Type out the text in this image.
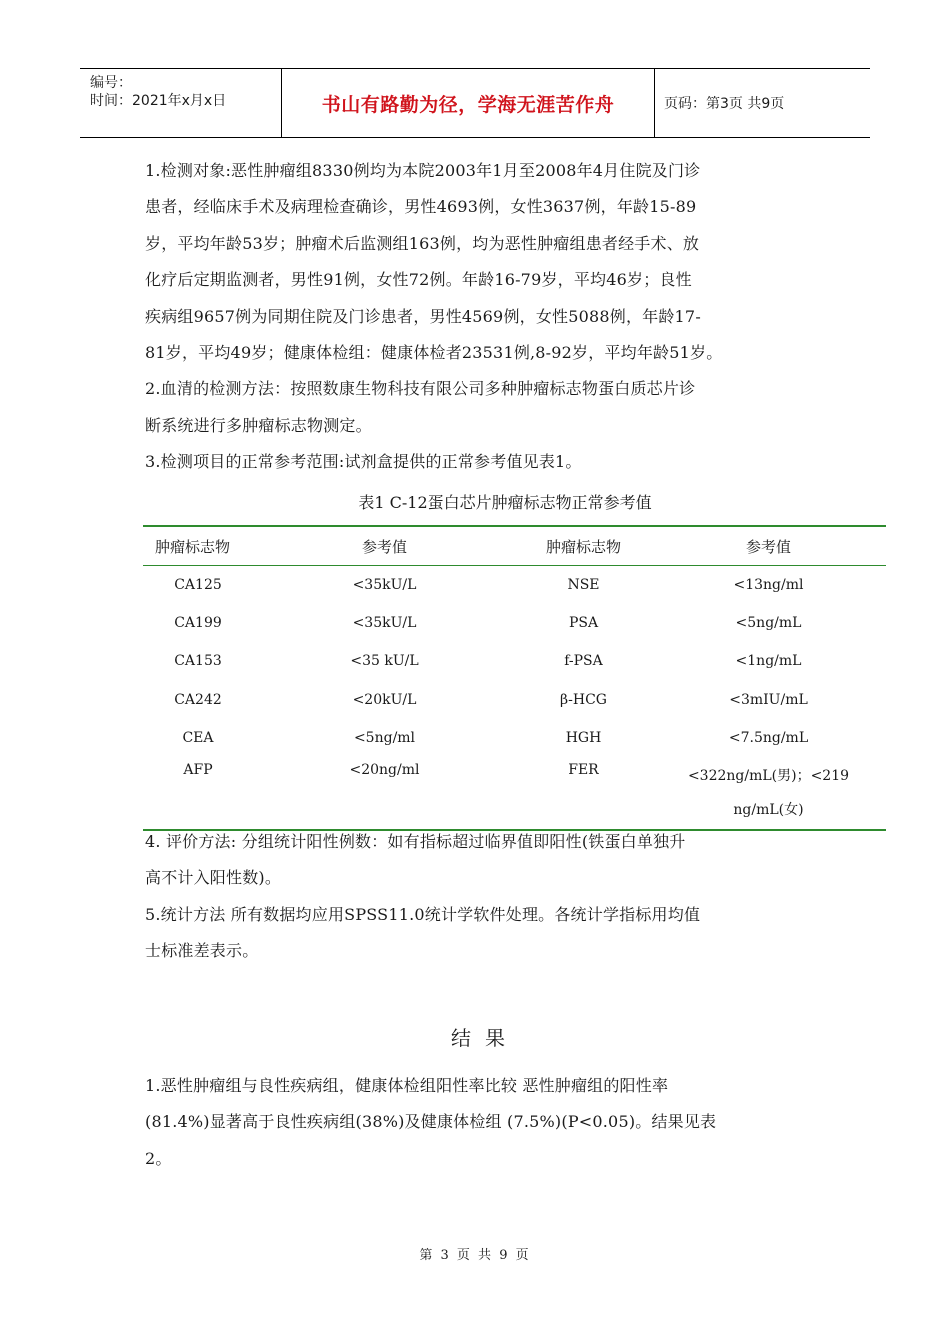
编号：
时间：2021年x月x日	书山有路勤为径，学海无涯苦作舟	页码：第3页 共9页

1.检测对象:恶性肿瘤组8330例均为本院2003年1月至2008年4月住院及门诊

患者，经临床手术及病理检查确诊，男性4693例，女性3637例，年龄15-89

岁，平均年龄53岁；肿瘤术后监测组163例，均为恶性肿瘤组患者经手术、放

化疗后定期监测者，男性91例，女性72例。年龄16-79岁，平均46岁；良性

疾病组9657例为同期住院及门诊患者，男性4569例，女性5088例，年龄17-

81岁，平均49岁；健康体检组：健康体检者23531例,8-92岁，平均年龄51岁。

2.血清的检测方法：按照数康生物科技有限公司多种肿瘤标志物蛋白质芯片诊

断系统进行多肿瘤标志物测定。

3.检测项目的正常参考范围:试剂盒提供的正常参考值见表1。

表1 C-12蛋白芯片肿瘤标志物正常参考值
肿瘤标志物	参考值	肿瘤标志物	参考值
CA125	<35kU/L	NSE	<13ng/ml
CA199	<35kU/L	PSA	<5ng/mL
CA153	<35 kU/L	f-PSA	<1ng/mL
CA242	<20kU/L	β-HCG	<3mIU/mL
CEA	<5ng/ml	HGH	<7.5ng/mL
AFP	<20ng/ml	FER	<322ng/mL(男)；<219
ng/mL(女)

4. 评价方法: 分组统计阳性例数：如有指标超过临界值即阳性(铁蛋白单独升

高不计入阳性数)。

5.统计方法 所有数据均应用SPSS11.0统计学软件处理。各统计学指标用均值

士标准差表示。

结果

1.恶性肿瘤组与良性疾病组，健康体检组阳性率比较 恶性肿瘤组的阳性率

(81.4%)显著高于良性疾病组(38%)及健康体检组 (7.5%)(P<0.05)。结果见表

2。

第 3 页 共 9 页
